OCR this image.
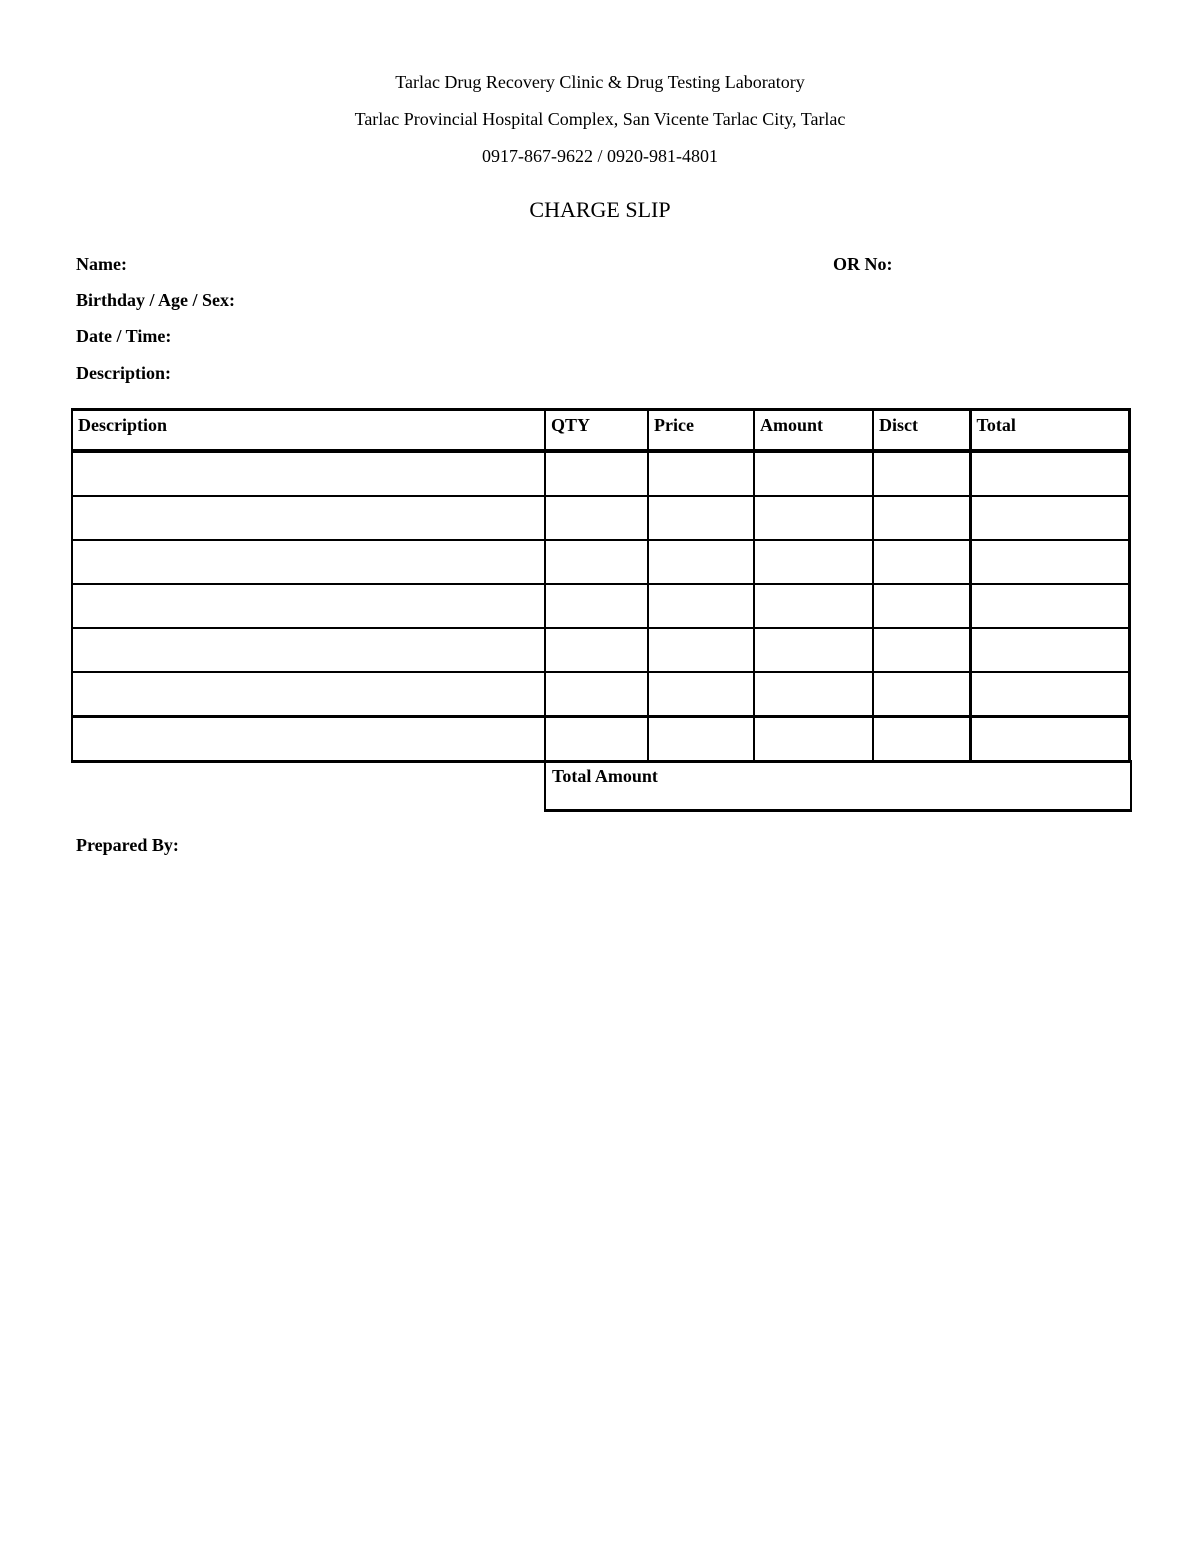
Tarlac Drug Recovery Clinic & Drug Testing Laboratory
Tarlac Provincial Hospital Complex, San Vicente Tarlac City, Tarlac
0917-867-9622 / 0920-981-4801
CHARGE SLIP
Name:	OR No:
Birthday / Age / Sex:
Date / Time:
Description:
Description	QTY	Price	Amount	Disct	Total

Total Amount
Prepared By:
